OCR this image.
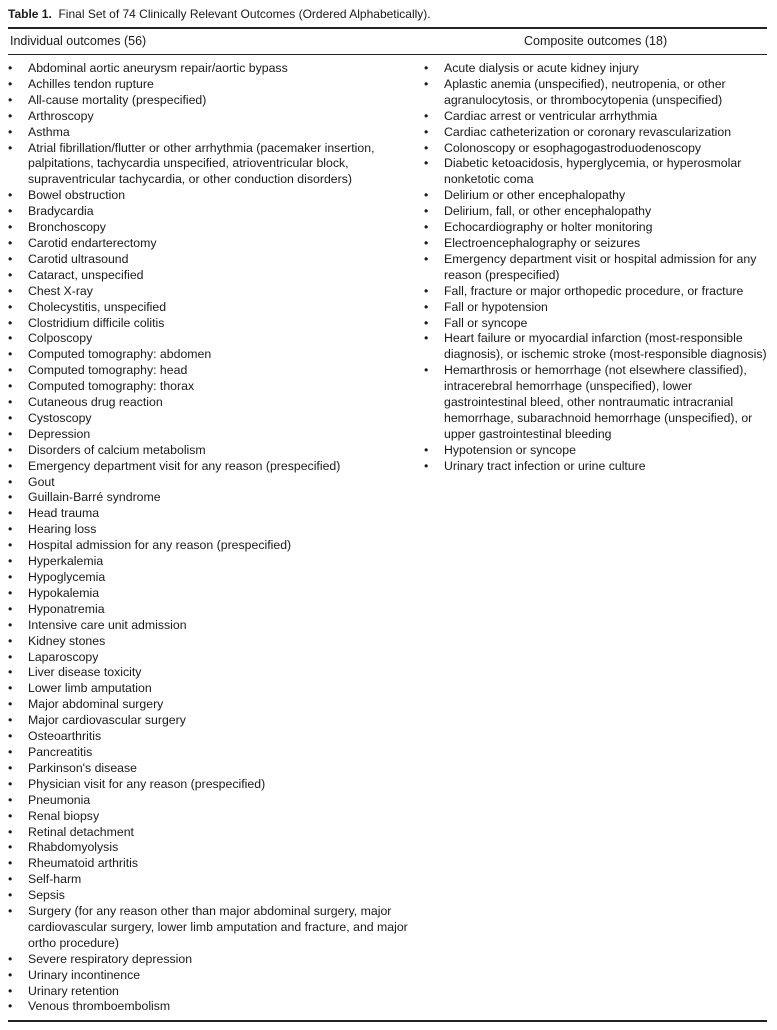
Table 1. Final Set of 74 Clinically Relevant Outcomes (Ordered Alphabetically).
Individual outcomes (56)	Composite outcomes (18)
•	Abdominal aortic aneurysm repair/aortic bypass
•	Achilles tendon rupture
•	All-cause mortality (prespecified)
•	Arthroscopy
•	Asthma
•	Atrial fibrillation/flutter or other arrhythmia (pacemaker insertion, palpitations, tachycardia unspecified, atrioventricular block, supraventricular tachycardia, or other conduction disorders)
•	Bowel obstruction
•	Bradycardia
•	Bronchoscopy
•	Carotid endarterectomy
•	Carotid ultrasound
•	Cataract, unspecified
•	Chest X-ray
•	Cholecystitis, unspecified
•	Clostridium difficile colitis
•	Colposcopy
•	Computed tomography: abdomen
•	Computed tomography: head
•	Computed tomography: thorax
•	Cutaneous drug reaction
•	Cystoscopy
•	Depression
•	Disorders of calcium metabolism
•	Emergency department visit for any reason (prespecified)
•	Gout
•	Guillain-Barré syndrome
•	Head trauma
•	Hearing loss
•	Hospital admission for any reason (prespecified)
•	Hyperkalemia
•	Hypoglycemia
•	Hypokalemia
•	Hyponatremia
•	Intensive care unit admission
•	Kidney stones
•	Laparoscopy
•	Liver disease toxicity
•	Lower limb amputation
•	Major abdominal surgery
•	Major cardiovascular surgery
•	Osteoarthritis
•	Pancreatitis
•	Parkinson's disease
•	Physician visit for any reason (prespecified)
•	Pneumonia
•	Renal biopsy
•	Retinal detachment
•	Rhabdomyolysis
•	Rheumatoid arthritis
•	Self-harm
•	Sepsis
•	Surgery (for any reason other than major abdominal surgery, major cardiovascular surgery, lower limb amputation and fracture, and major ortho procedure)
•	Severe respiratory depression
•	Urinary incontinence
•	Urinary retention
•	Venous thromboembolism
•	Acute dialysis or acute kidney injury
•	Aplastic anemia (unspecified), neutropenia, or other agranulocytosis, or thrombocytopenia (unspecified)
•	Cardiac arrest or ventricular arrhythmia
•	Cardiac catheterization or coronary revascularization
•	Colonoscopy or esophagogastroduodenoscopy
•	Diabetic ketoacidosis, hyperglycemia, or hyperosmolar nonketotic coma
•	Delirium or other encephalopathy
•	Delirium, fall, or other encephalopathy
•	Echocardiography or holter monitoring
•	Electroencephalography or seizures
•	Emergency department visit or hospital admission for any reason (prespecified)
•	Fall, fracture or major orthopedic procedure, or fracture
•	Fall or hypotension
•	Fall or syncope
•	Heart failure or myocardial infarction (most-responsible diagnosis), or ischemic stroke (most-responsible diagnosis)
•	Hemarthrosis or hemorrhage (not elsewhere classified), intracerebral hemorrhage (unspecified), lower gastrointestinal bleed, other nontraumatic intracranial hemorrhage, subarachnoid hemorrhage (unspecified), or upper gastrointestinal bleeding
•	Hypotension or syncope
•	Urinary tract infection or urine culture
